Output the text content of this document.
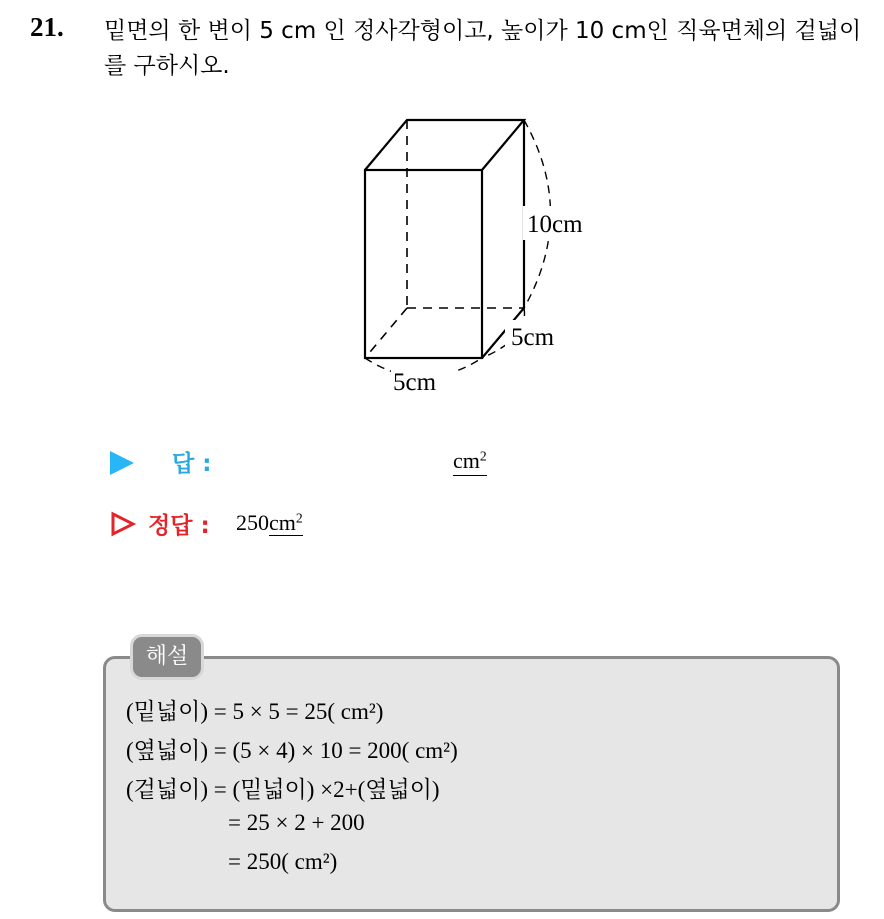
21. 밑면의 한 변이 5 cm 인 정사각형이고, 높이가 10 cm인 직육면체의 겉넓이를 구하시오.
10cm
5cm
5cm
답 :	$cm^2$
정답 : $250cm^2$
해설
(밑넓이) = 5 × 5 = 25( cm²)
(옆넓이) = (5 × 4) × 10 = 200( cm²)
(겉넓이) = (밑넓이) ×2+(옆넓이)
= 25 × 2 + 200
= 250( cm²)
